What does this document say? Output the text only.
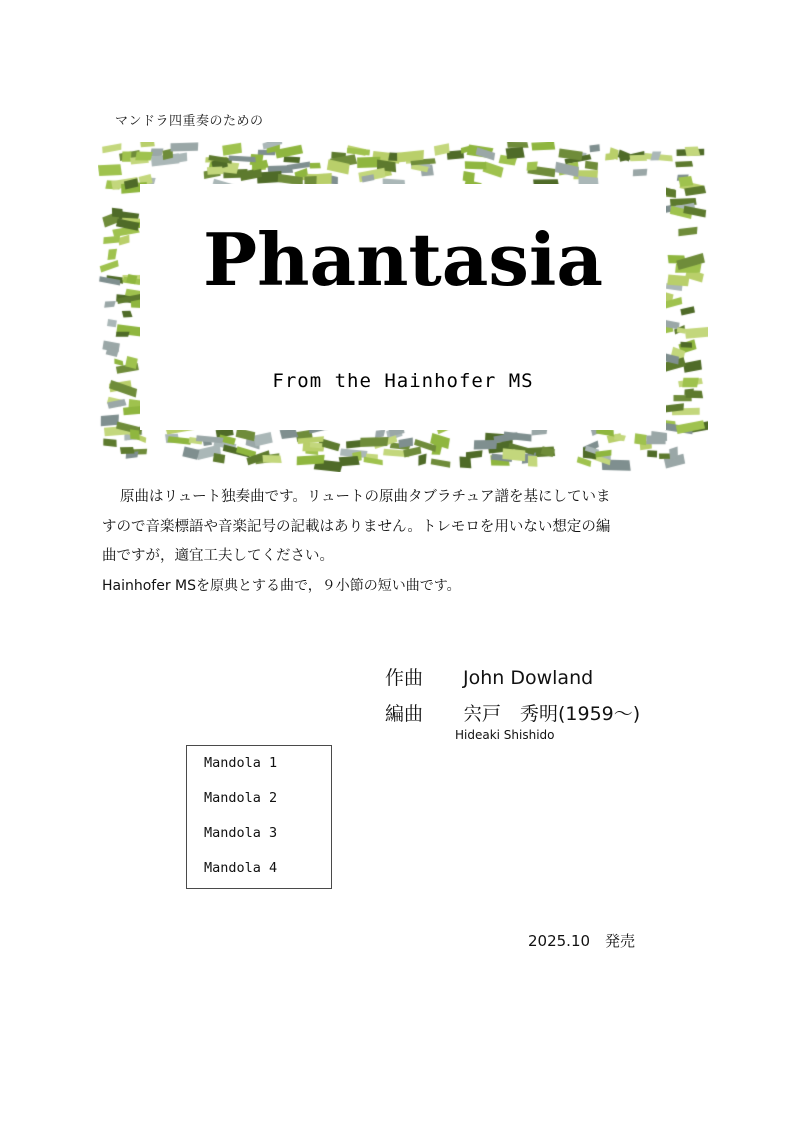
マンドラ四重奏のための
Phantasia
From the Hainhofer MS

原曲はリュート独奏曲です。リュートの原曲タブラチュア譜を基にしていま

すので音楽標語や音楽記号の記載はありません。トレモロを用いない想定の編

曲ですが，適宜工夫してください。

Hainhofer MSを原典とする曲で，９小節の短い曲です。

作曲 John Dowland
編曲 宍戸　秀明(1959〜)
Hideaki Shishido
Mandola 1
Mandola 2
Mandola 3
Mandola 4
2025.10　発売
